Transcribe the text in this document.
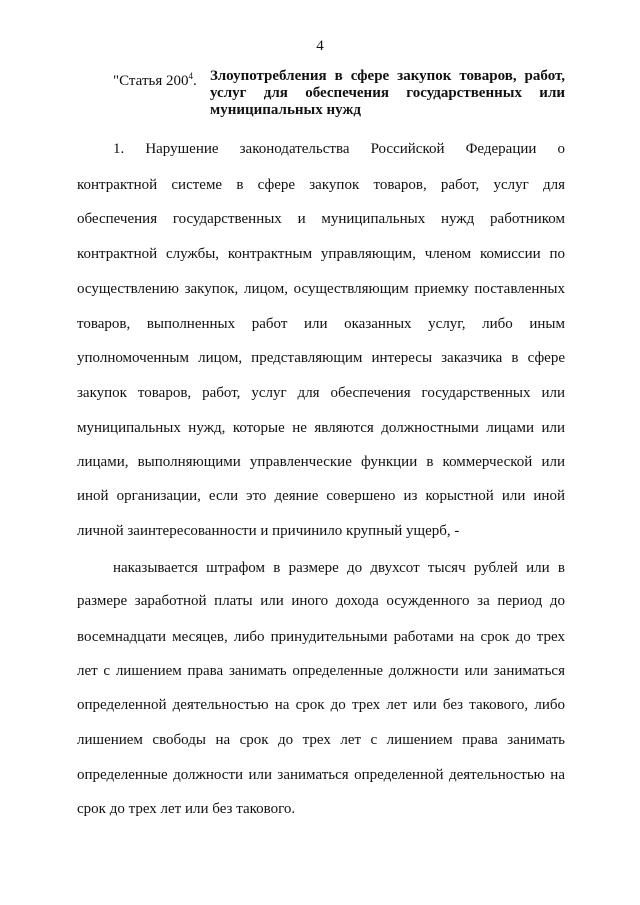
4
"Статья $200^4$. Злоупотребления в сфере закупок товаров, работ, услуг для обеспечения государственных или муниципальных нужд
1. Нарушение законодательства Российской Федерации о
контрактной системе в сфере закупок товаров, работ, услуг для
обеспечения государственных и муниципальных нужд работником
контрактной службы, контрактным управляющим, членом комиссии по
осуществлению закупок, лицом, осуществляющим приемку поставленных
товаров, выполненных работ или оказанных услуг, либо иным
уполномоченным лицом, представляющим интересы заказчика в сфере
закупок товаров, работ, услуг для обеспечения государственных или
муниципальных нужд, которые не являются должностными лицами или
лицами, выполняющими управленческие функции в коммерческой или
иной организации, если это деяние совершено из корыстной или иной
личной заинтересованности и причинило крупный ущерб, -
наказывается штрафом в размере до двухсот тысяч рублей или в
размере заработной платы или иного дохода осужденного за период до
восемнадцати месяцев, либо принудительными работами на срок до трех
лет с лишением права занимать определенные должности или заниматься
определенной деятельностью на срок до трех лет или без такового, либо
лишением свободы на срок до трех лет с лишением права занимать
определенные должности или заниматься определенной деятельностью на
срок до трех лет или без такового.
